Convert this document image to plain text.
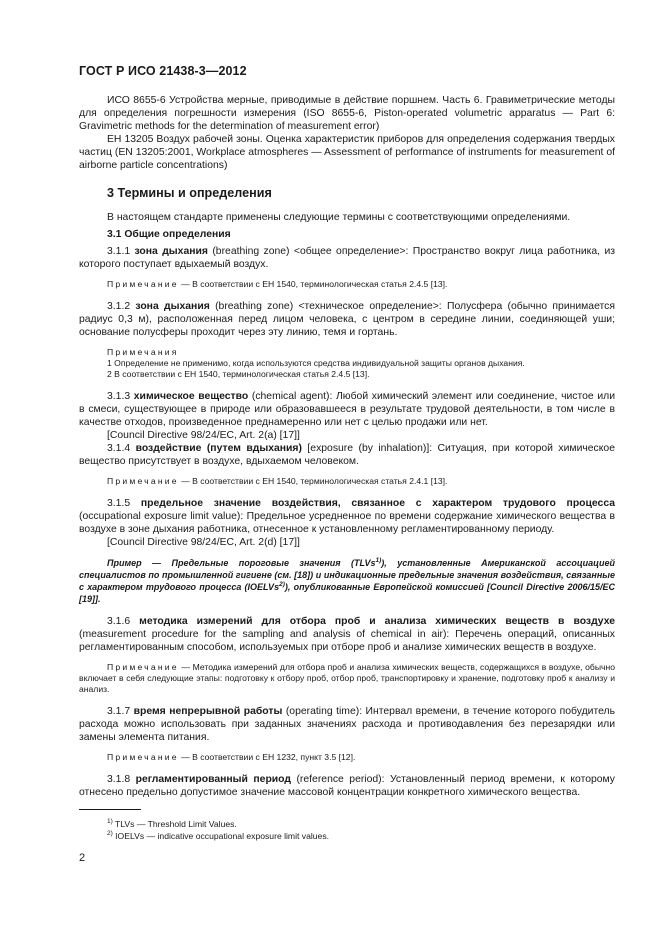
ГОСТ Р ИСО 21438-3—2012

ИСО 8655-6 Устройства мерные, приводимые в действие поршнем. Часть 6. Гравиметрические методы для определения погрешности измерения (ISO 8655-6, Piston-operated volumetric apparatus — Part 6: Gravimetric methods for the determination of measurement error)

ЕН 13205 Воздух рабочей зоны. Оценка характеристик приборов для определения содержания твердых частиц (EN 13205:2001, Workplace atmospheres — Assessment of performance of instruments for measurement of airborne particle concentrations)

3 Термины и определения

В настоящем стандарте применены следующие термины с соответствующими определениями.

3.1 Общие определения

3.1.1 зона дыхания (breathing zone) <общее определение>: Пространство вокруг лица работника, из которого поступает вдыхаемый воздух.

Примечание — В соответствии с ЕН 1540, терминологическая статья 2.4.5 [13].

3.1.2 зона дыхания (breathing zone) <техническое определение>: Полусфера (обычно принимается радиус 0,3 м), расположенная перед лицом человека, с центром в середине линии, соединяющей уши; основание полусферы проходит через эту линию, темя и гортань.

Примечания
1 Определение не применимо, когда используются средства индивидуальной защиты органов дыхания.
2 В соответствии с ЕН 1540, терминологическая статья 2.4.5 [13].

3.1.3 химическое вещество (chemical agent): Любой химический элемент или соединение, чистое или в смеси, существующее в природе или образовавшееся в результате трудовой деятельности, в том числе в качестве отходов, произведенное преднамеренно или нет с целью продажи или нет.

[Council Directive 98/24/EC, Art. 2(a) [17]]

3.1.4 воздействие (путем вдыхания) [exposure (by inhalation)]: Ситуация, при которой химическое вещество присутствует в воздухе, вдыхаемом человеком.

Примечание — В соответствии с ЕН 1540, терминологическая статья 2.4.1 [13].

3.1.5 предельное значение воздействия, связанное с характером трудового процесса (occupational exposure limit value): Предельное усредненное по времени содержание химического вещества в воздухе в зоне дыхания работника, отнесенное к установленному регламентированному периоду.

[Council Directive 98/24/EC, Art. 2(d) [17]]

Пример — Предельные пороговые значения (TLVs$^{1)}$), установленные Американской ассоциацией специалистов по промышленной гигиене (см. [18]) и индикационные предельные значения воздействия, связанные с характером трудового процесса (IOELVs$^{2)}$), опубликованные Европейской комиссией [Council Directive 2006/15/EC [19]].

3.1.6 методика измерений для отбора проб и анализа химических веществ в воздухе (measurement procedure for the sampling and analysis of chemical in air): Перечень операций, описанных регламентированным способом, используемых при отборе проб и анализе химических веществ в воздухе.

Примечание — Методика измерений для отбора проб и анализа химических веществ, содержащихся в воздухе, обычно включает в себя следующие этапы: подготовку к отбору проб, отбор проб, транспортировку и хранение, подготовку проб к анализу и анализ.

3.1.7 время непрерывной работы (operating time): Интервал времени, в течение которого побудитель расхода можно использовать при заданных значениях расхода и противодавления без перезарядки или замены элемента питания.

Примечание — В соответствии с ЕН 1232, пункт 3.5 [12].

3.1.8 регламентированный период (reference period): Установленный период времени, к которому отнесено предельно допустимое значение массовой концентрации конкретного химического вещества.

$^{1)}$ TLVs — Threshold Limit Values.
$^{2)}$ IOELVs — indicative occupational exposure limit values.
2
